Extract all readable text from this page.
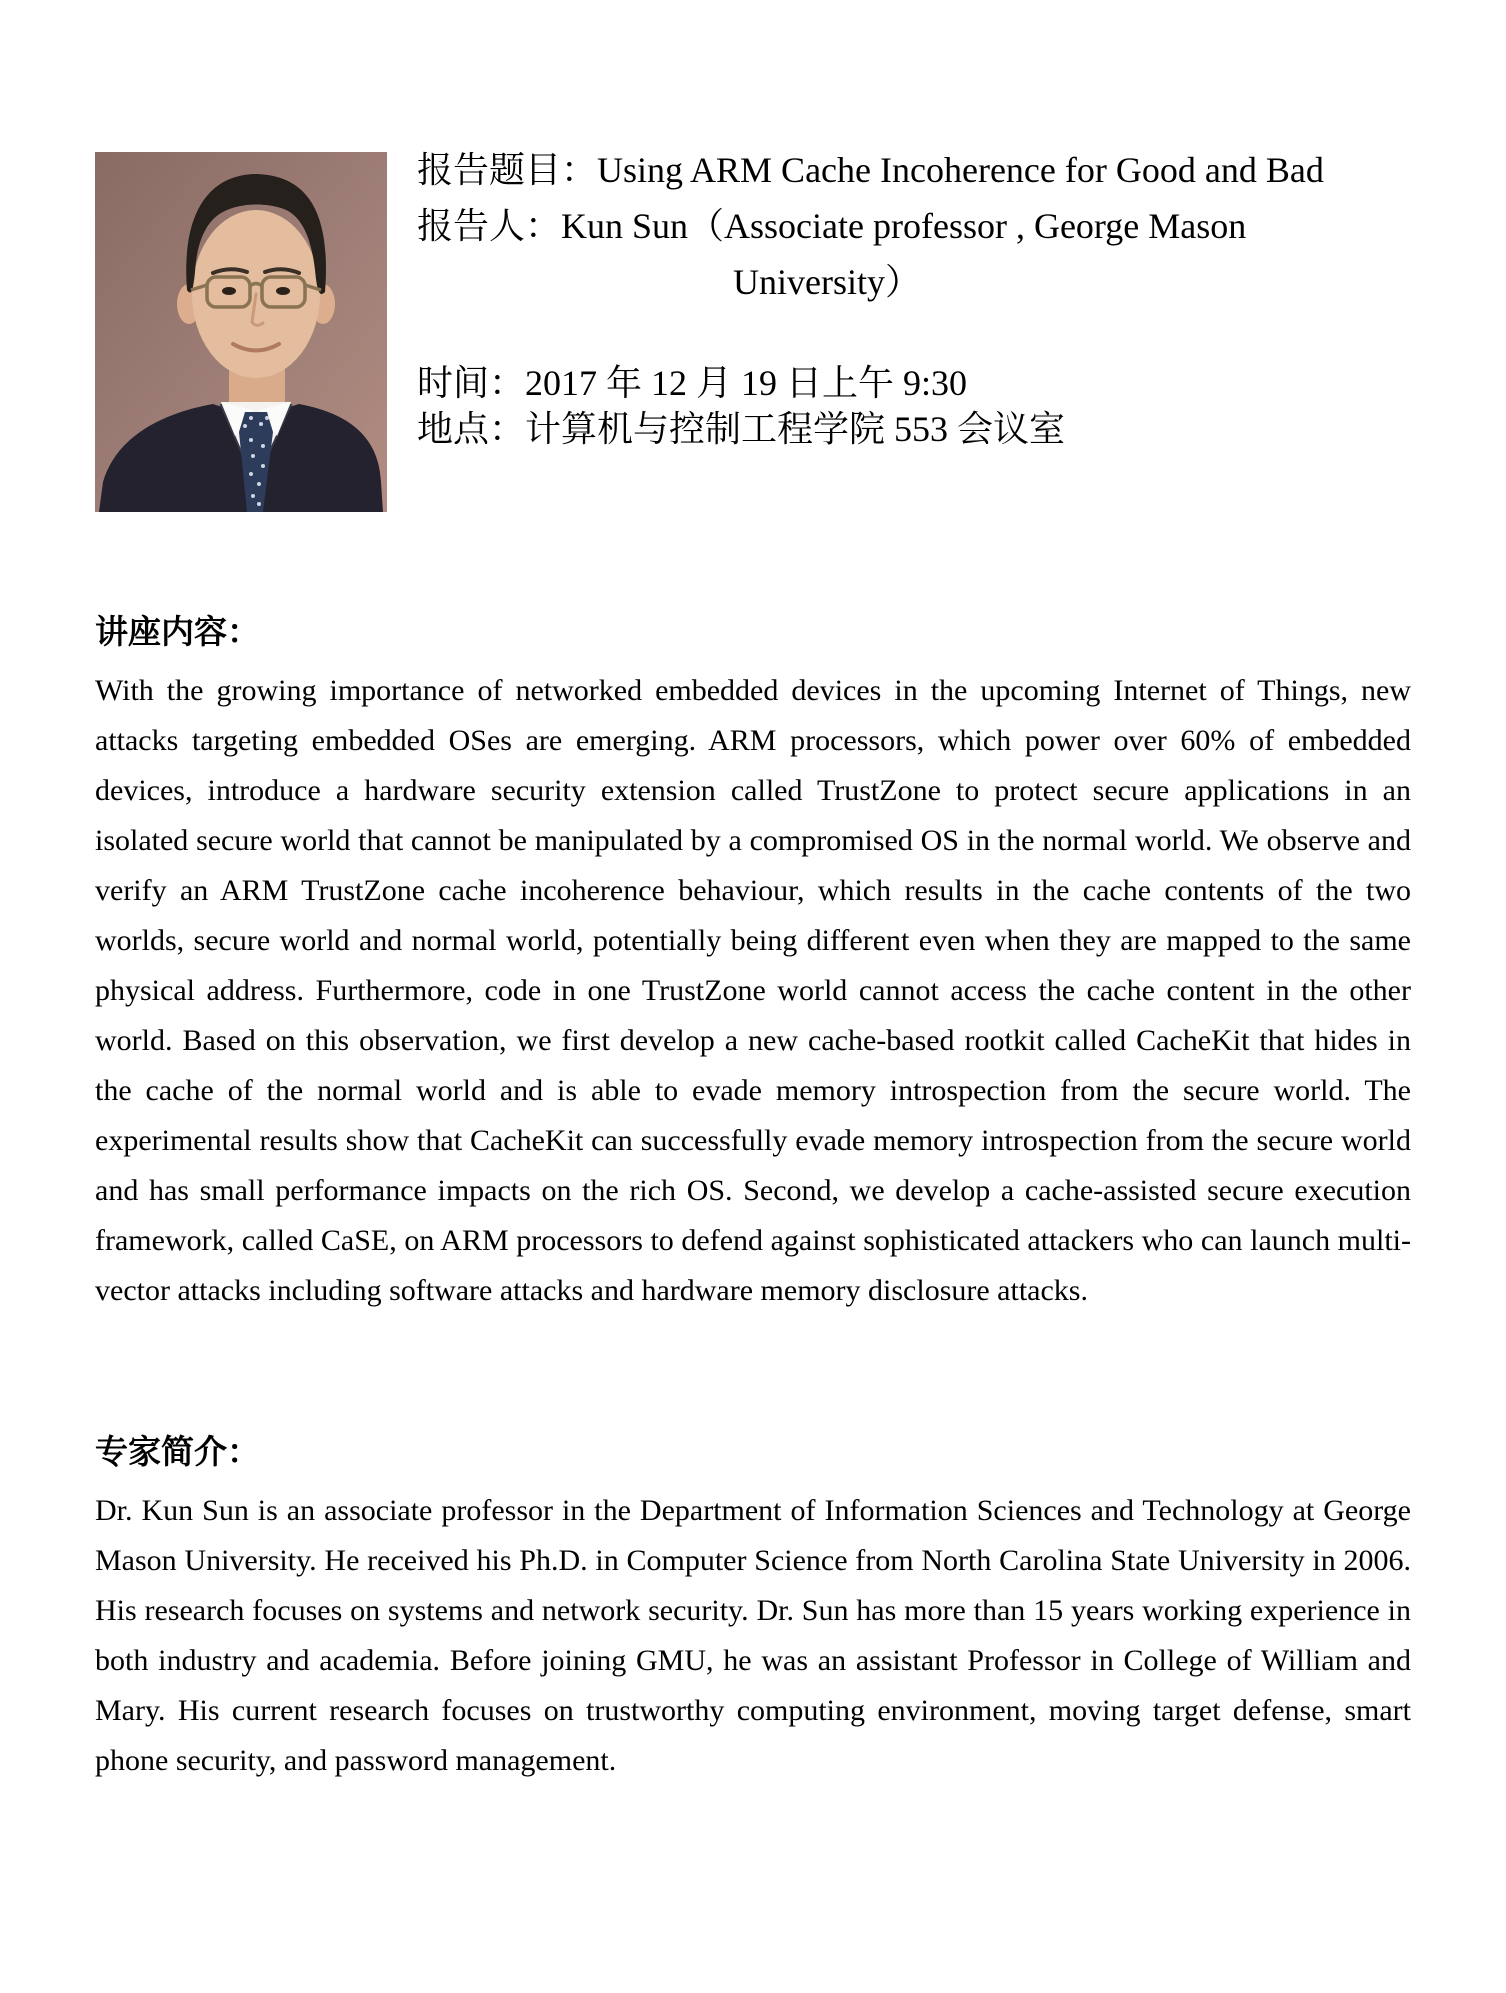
报告题目：Using ARM Cache Incoherence for Good and Bad
报告人：Kun Sun（Associate professor , George Mason
University）
时间：2017 年 12 月 19 日上午 9:30
地点：计算机与控制工程学院 553 会议室
讲座内容：
With the growing importance of networked embedded devices in the upcoming Internet of Things, new attacks targeting embedded OSes are emerging. ARM processors, which power over 60% of embedded devices, introduce a hardware security extension called TrustZone to protect secure applications in an isolated secure world that cannot be manipulated by a compromised OS in the normal world. We observe and verify an ARM TrustZone cache incoherence behaviour, which results in the cache contents of the two worlds, secure world and normal world, potentially being different even when they are mapped to the same physical address. Furthermore, code in one TrustZone world cannot access the cache content in the other world. Based on this observation, we first develop a new cache-based rootkit called CacheKit that hides in the cache of the normal world and is able to evade memory introspection from the secure world. The experimental results show that CacheKit can successfully evade memory introspection from the secure world and has small performance impacts on the rich OS. Second, we develop a cache-assisted secure execution framework, called CaSE, on ARM processors to defend against sophisticated attackers who can launch multi-vector attacks including software attacks and hardware memory disclosure attacks.
专家简介：
Dr. Kun Sun is an associate professor in the Department of Information Sciences and Technology at George Mason University. He received his Ph.D. in Computer Science from North Carolina State University in 2006. His research focuses on systems and network security. Dr. Sun has more than 15 years working experience in both industry and academia. Before joining GMU, he was an assistant Professor in College of William and Mary. His current research focuses on trustworthy computing environment, moving target defense, smart phone security, and password management.
